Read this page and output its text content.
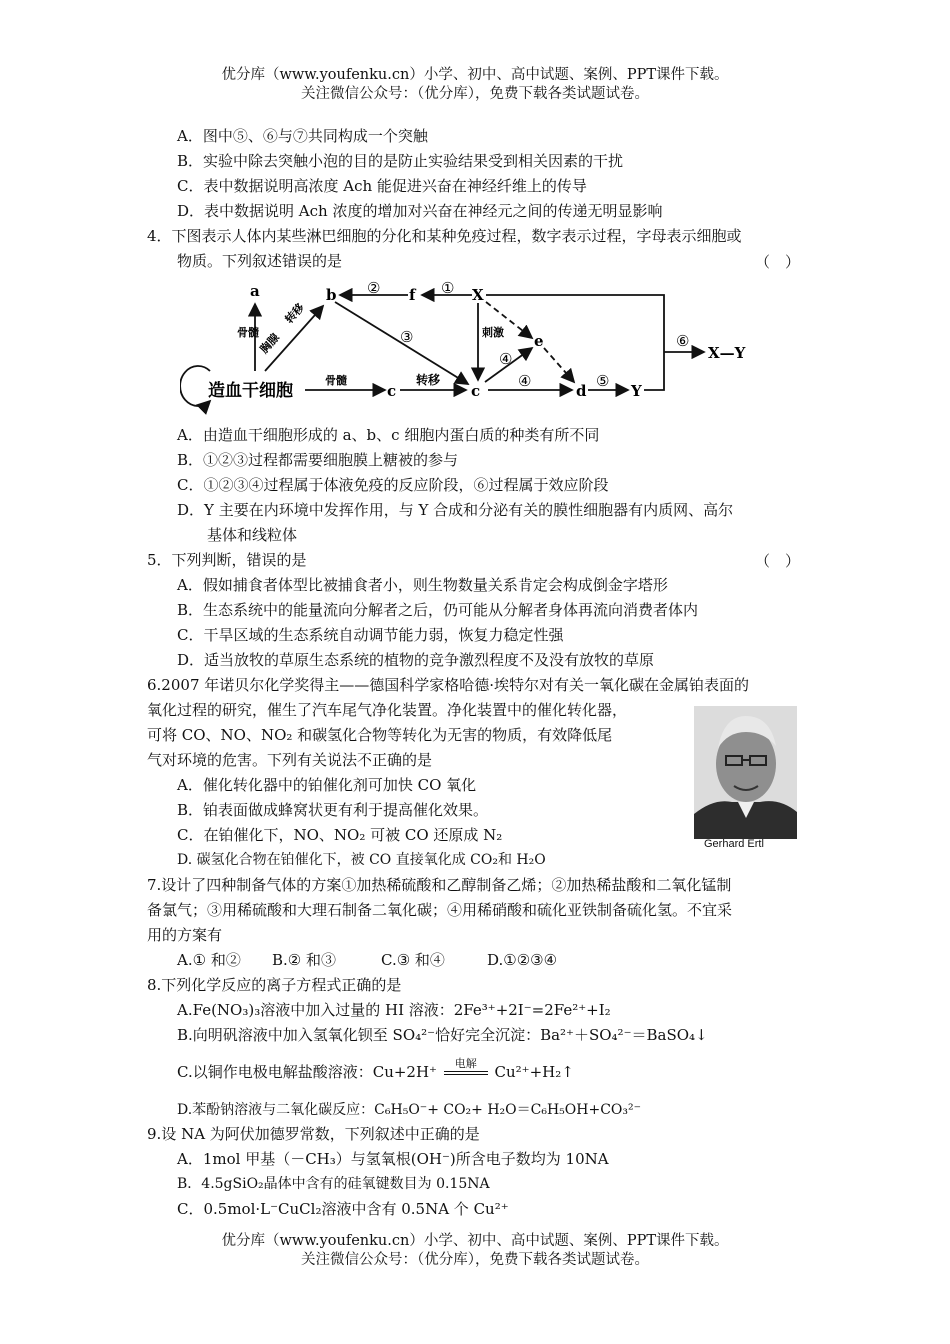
优分库（www.youfenku.cn）小学、初中、高中试题、案例、PPT课件下载。
关注微信公众号：（优分库），免费下载各类试题试卷。
A．图中⑤、⑥与⑦共同构成一个突触
B．实验中除去突触小泡的目的是防止实验结果受到相关因素的干扰
C．表中数据说明高浓度 Ach 能促进兴奋在神经纤维上的传导
D．表中数据说明 Ach 浓度的增加对兴奋在神经元之间的传递无明显影响
4．下图表示人体内某些淋巴细胞的分化和某种免疫过程，数字表示过程，字母表示细胞或
物质。下列叙述错误的是	（　）
a	b	f	X
e
c	c	d	Y
X—Y
造血干细胞
骨髓
胸腺
转移
骨髓	转移
刺激
②	①
③
④
④	⑤
⑥
A．由造血干细胞形成的 a、b、c 细胞内蛋白质的种类有所不同
B．①②③过程都需要细胞膜上糖被的参与
C．①②③④过程属于体液免疫的反应阶段，⑥过程属于效应阶段
D．Y 主要在内环境中发挥作用，与 Y 合成和分泌有关的膜性细胞器有内质网、高尔
基体和线粒体
5．下列判断，错误的是	（　）
A．假如捕食者体型比被捕食者小，则生物数量关系肯定会构成倒金字塔形
B．生态系统中的能量流向分解者之后，仍可能从分解者身体再流向消费者体内
C．干旱区域的生态系统自动调节能力弱，恢复力稳定性强
D．适当放牧的草原生态系统的植物的竞争激烈程度不及没有放牧的草原
6.2007 年诺贝尔化学奖得主——德国科学家格哈德·埃特尔对有关一氧化碳在金属铂表面的
氧化过程的研究，催生了汽车尾气净化装置。净化装置中的催化转化器，
可将 CO、NO、NO₂ 和碳氢化合物等转化为无害的物质，有效降低尾
气对环境的危害。下列有关说法不正确的是
A．催化转化器中的铂催化剂可加快 CO 氧化
B．铂表面做成蜂窝状更有利于提高催化效果。
C．在铂催化下，NO、NO₂ 可被 CO 还原成 N₂
D. 碳氢化合物在铂催化下，被 CO 直接氧化成 CO₂和 H₂O
Gerhard Ertl
7.设计了四种制备气体的方案①加热稀硫酸和乙醇制备乙烯；②加热稀盐酸和二氧化锰制
备氯气；③用稀硫酸和大理石制备二氧化碳；④用稀硝酸和硫化亚铁制备硫化氢。不宜采
用的方案有
A.① 和② B.② 和③	C.③ 和④	D.①②③④
8.下列化学反应的离子方程式正确的是
A.Fe(NO₃)₃溶液中加入过量的 HI 溶液：2Fe³⁺+2I⁻=2Fe²⁺+I₂
B.向明矾溶液中加入氢氧化钡至 SO₄²⁻恰好完全沉淀：Ba²⁺＋SO₄²⁻＝BaSO₄↓
C.以铜作电极电解盐酸溶液：Cu+2H⁺	电解	Cu²⁺+H₂↑
D.苯酚钠溶液与二氧化碳反应：C₆H₅O⁻+ CO₂+ H₂O＝C₆H₅OH+CO₃²⁻
9.设 NA 为阿伏加德罗常数，下列叙述中正确的是
A．1mol 甲基（－CH₃）与氢氧根(OH⁻)所含电子数均为 10NA
B．4.5gSiO₂晶体中含有的硅氧键数目为 0.15NA
C．0.5mol·L⁻CuCl₂溶液中含有 0.5NA 个 Cu²⁺
优分库（www.youfenku.cn）小学、初中、高中试题、案例、PPT课件下载。
关注微信公众号：（优分库），免费下载各类试题试卷。
